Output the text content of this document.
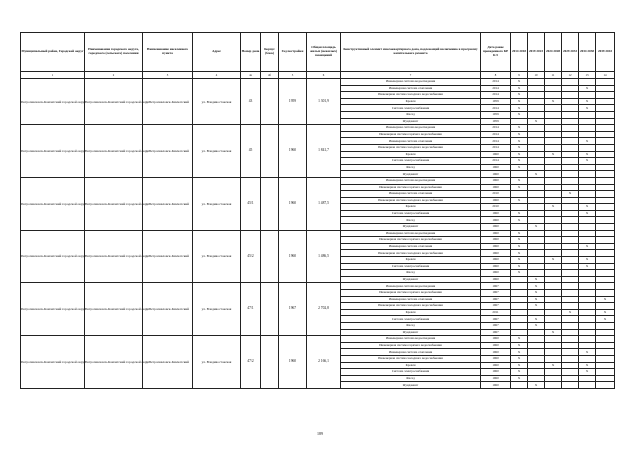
Муниципальный район, Городской округ	Наименование городского округа, городского (сельского) поселения	Наименование населенного пункта	Адрес	Номер дома	Корпус (блок)	Год постройки	Общая площадь жилых (нежилых) помещений	Конструктивный элемент многоквартирного дома, подлежащий включению в программу капитального ремонта	Дата ранее проведенного КР КЭ	2014 2018	2019 2023	2024 2028	2029 2033	2034 2038	2039 2043
1	2	3	4	4а	4б	5	6	7	8	9	10	11	12	13	14
Петропавловск-Камчатский городской округ	Петропавловск-Камчатский городской округ	г. Петропавловск-Камчатский	ул. Владивостокская	43		1959	1 301,9	Инженерная система водоотведения	2014	X					
								Инженерная система отопления	2014	X				X	
								Инженерная система холодного водоснабжения	2014	X					
								Кровля	1959	X		X		X	
								Система электроснабжения	2014	X				X	
								Фасад	1959	X					
								Фундамент	1959		X				
Петропавловск-Камчатский городской округ	Петропавловск-Камчатский городской округ	г. Петропавловск-Камчатский	ул. Владивостокская	45		1960	1 841,7	Инженерная система водоотведения	2014	X					
								Инженерная система горячего водоснабжения	2014	X					
								Инженерная система отопления	2014	X				X	
								Инженерная система холодного водоснабжения	2014	X					
								Кровля	1960	X		X		X	
								Система электроснабжения	2014	X				X	
								Фасад	1960	X					
								Фундамент	1960		X				
Петропавловск-Камчатский городской округ	Петропавловск-Камчатский городской округ	г. Петропавловск-Камчатский	ул. Владивостокская	45/1		1960	1 487,5	Инженерная система водоотведения	1960	X					
								Инженерная система горячего водоснабжения	1960	X					
								Инженерная система отопления	2010				X		
								Инженерная система холодного водоснабжения	1960	X					
								Кровля	2010			X		X	
								Система электроснабжения	1960	X				X	
								Фасад	1960	X					
								Фундамент	1960		X				
Петропавловск-Камчатский городской округ	Петропавловск-Камчатский городской округ	г. Петропавловск-Камчатский	ул. Владивостокская	45/2		1960	1 486,5	Инженерная система водоотведения	1960	X					
								Инженерная система горячего водоснабжения	1960	X					
								Инженерная система отопления	1960	X				X	
								Инженерная система холодного водоснабжения	1960	X					
								Кровля	1960	X		X		X	
								Система электроснабжения	1960	X				X	
								Фасад	1960	X					
								Фундамент	1960		X				
Петропавловск-Камчатский городской округ	Петропавловск-Камчатский городской округ	г. Петропавловск-Камчатский	ул. Владивостокская	47/1		1967	2 702,8	Инженерная система водоотведения	1967		X				
								Инженерная система горячего водоснабжения	1967		X				
								Инженерная система отопления	1967		X				X
								Инженерная система холодного водоснабжения	1967		X				
								Кровля	2011				X		X
								Система электроснабжения	1967		X				X
								Фасад	1967		X				
								Фундамент	1967			X			
Петропавловск-Камчатский городской округ	Петропавловск-Камчатский городской округ	г. Петропавловск-Камчатский	ул. Владивостокская	47/2		1960	2 166,1	Инженерная система водоотведения	1960	X					
								Инженерная система горячего водоснабжения	1960	X					
								Инженерная система отопления	1960	X				X	
								Инженерная система холодного водоснабжения	1960	X					
								Кровля	1960	X		X		X	
								Система электроснабжения	1960	X				X	
								Фасад	1960	X					
								Фундамент	1960		X				
189
